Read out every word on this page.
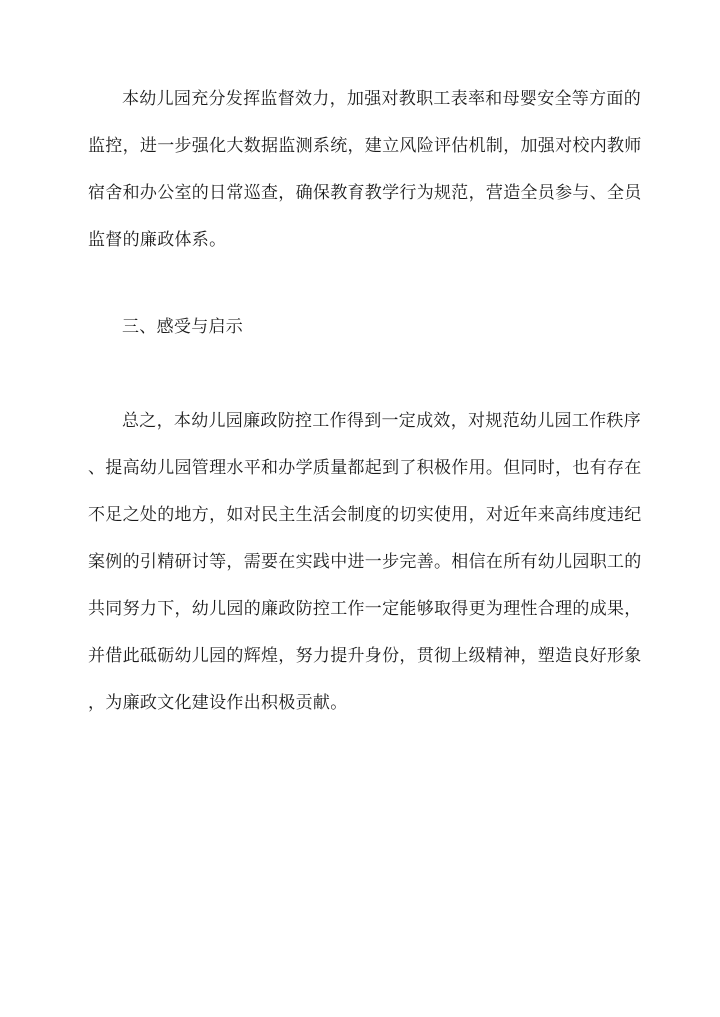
本幼儿园充分发挥监督效力，加强对教职工表率和母婴安全等方面的
监控，进一步强化大数据监测系统，建立风险评估机制，加强对校内教师
宿舍和办公室的日常巡查，确保教育教学行为规范，营造全员参与、全员
监督的廉政体系。

三、感受与启示

总之，本幼儿园廉政防控工作得到一定成效，对规范幼儿园工作秩序
、提高幼儿园管理水平和办学质量都起到了积极作用。但同时，也有存在
不足之处的地方，如对民主生活会制度的切实使用，对近年来高纬度违纪
案例的引精研讨等，需要在实践中进一步完善。相信在所有幼儿园职工的
共同努力下，幼儿园的廉政防控工作一定能够取得更为理性合理的成果，
并借此砥砺幼儿园的辉煌，努力提升身份，贯彻上级精神，塑造良好形象
，为廉政文化建设作出积极贡献。
